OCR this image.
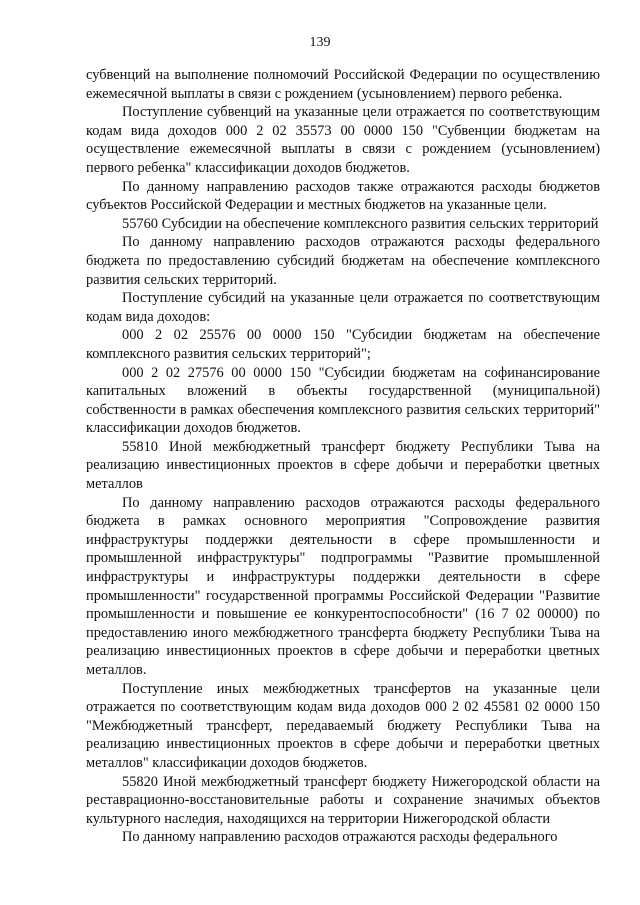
139

субвенций на выполнение полномочий Российской Федерации по осуществлению ежемесячной выплаты в связи с рождением (усыновлением) первого ребенка.

Поступление субвенций на указанные цели отражается по соответствующим кодам вида доходов 000 2 02 35573 00 0000 150 "Субвенции бюджетам на осуществление ежемесячной выплаты в связи с рождением (усыновлением) первого ребенка" классификации доходов бюджетов.

По данному направлению расходов также отражаются расходы бюджетов субъектов Российской Федерации и местных бюджетов на указанные цели.

55760 Субсидии на обеспечение комплексного развития сельских территорий

По данному направлению расходов отражаются расходы федерального бюджета по предоставлению субсидий бюджетам на обеспечение комплексного развития сельских территорий.

Поступление субсидий на указанные цели отражается по соответствующим кодам вида доходов:

000 2 02 25576 00 0000 150 "Субсидии бюджетам на обеспечение комплексного развития сельских территорий";

000 2 02 27576 00 0000 150 "Субсидии бюджетам на софинансирование капитальных вложений в объекты государственной (муниципальной) собственности в рамках обеспечения комплексного развития сельских территорий" классификации доходов бюджетов.

55810 Иной межбюджетный трансферт бюджету Республики Тыва на реализацию инвестиционных проектов в сфере добычи и переработки цветных металлов

По данному направлению расходов отражаются расходы федерального бюджета в рамках основного мероприятия "Сопровождение развития инфраструктуры поддержки деятельности в сфере промышленности и промышленной инфраструктуры" подпрограммы "Развитие промышленной инфраструктуры и инфраструктуры поддержки деятельности в сфере промышленности" государственной программы Российской Федерации "Развитие промышленности и повышение ее конкурентоспособности" (16 7 02 00000) по предоставлению иного межбюджетного трансферта бюджету Республики Тыва на реализацию инвестиционных проектов в сфере добычи и переработки цветных металлов.

Поступление иных межбюджетных трансфертов на указанные цели отражается по соответствующим кодам вида доходов 000 2 02 45581 02 0000 150 "Межбюджетный трансферт, передаваемый бюджету Республики Тыва на реализацию инвестиционных проектов в сфере добычи и переработки цветных металлов" классификации доходов бюджетов.

55820 Иной межбюджетный трансферт бюджету Нижегородской области на реставрационно-восстановительные работы и сохранение значимых объектов культурного наследия, находящихся на территории Нижегородской области

По данному направлению расходов отражаются расходы федерального
